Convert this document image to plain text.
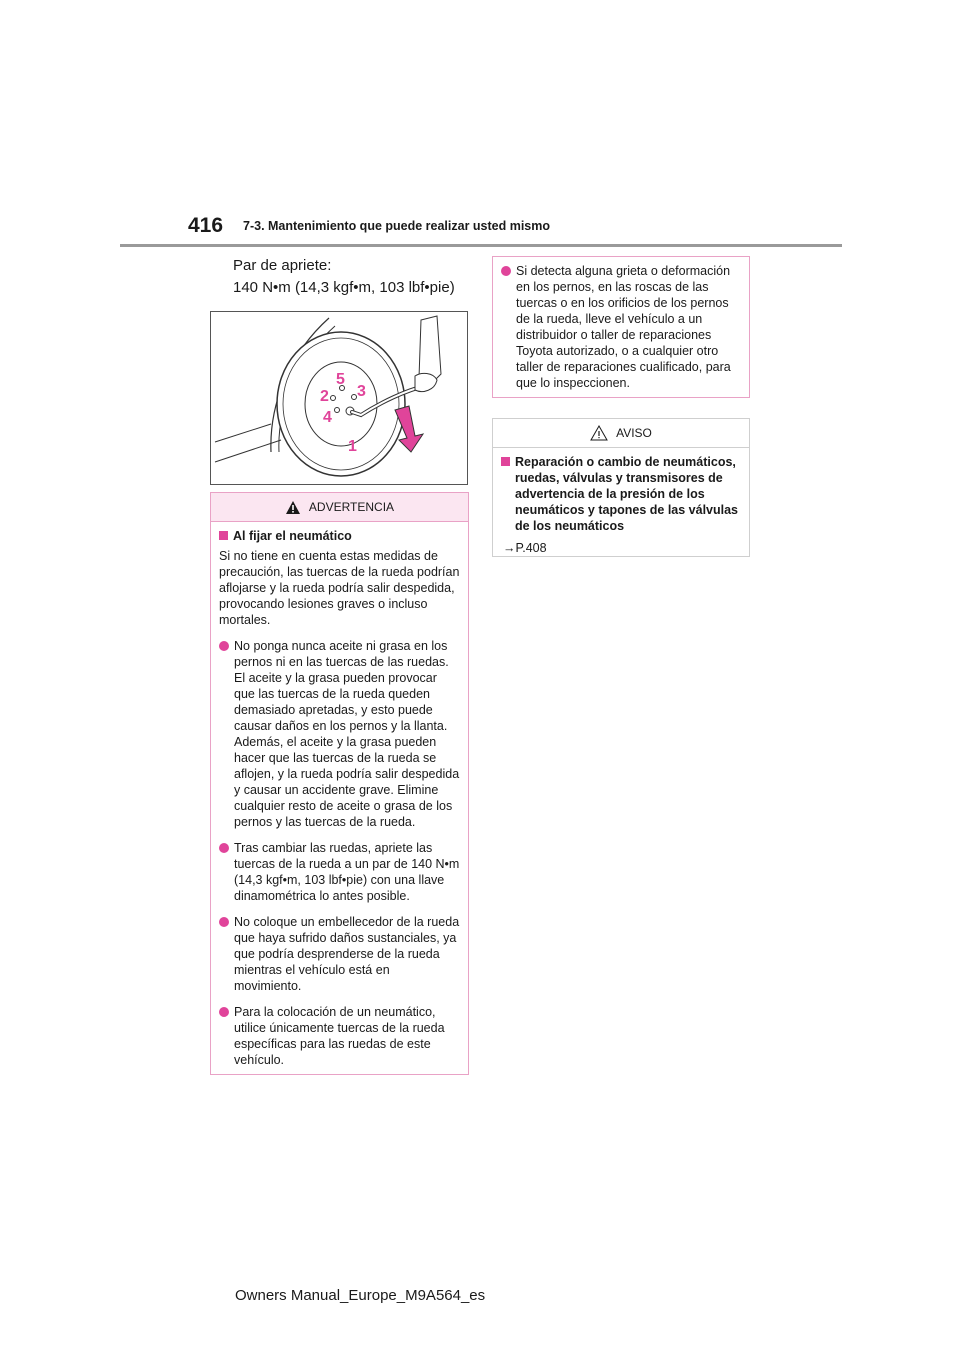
416 7-3. Mantenimiento que puede realizar usted mismo
Par de apriete:
140 N•m (14,3 kgf•m, 103 lbf•pie)
1
2 3
4
5
ADVERTENCIA
Al fijar el neumático

Si no tiene en cuenta estas medidas de precaución, las tuercas de la rueda podrían aflojarse y la rueda podría salir despedida, provocando lesiones graves o incluso mortales.

No ponga nunca aceite ni grasa en los pernos ni en las tuercas de las ruedas. El aceite y la grasa pueden provocar que las tuercas de la rueda queden demasiado apretadas, y esto puede causar daños en los pernos y la llanta. Además, el aceite y la grasa pueden hacer que las tuercas de la rueda se aflojen, y la rueda podría salir despedida y causar un accidente grave. Elimine cualquier resto de aceite o grasa de los pernos y las tuercas de la rueda.
Tras cambiar las ruedas, apriete las tuercas de la rueda a un par de 140 N•m (14,3 kgf•m, 103 lbf•pie) con una llave dinamométrica lo antes posible.
No coloque un embellecedor de la rueda que haya sufrido daños sustanciales, ya que podría desprenderse de la rueda mientras el vehículo está en movimiento.
Para la colocación de un neumático, utilice únicamente tuercas de la rueda específicas para las ruedas de este vehículo.
Si detecta alguna grieta o deformación en los pernos, en las roscas de las tuercas o en los orificios de los pernos de la rueda, lleve el vehículo a un distribuidor o taller de reparaciones Toyota autorizado, o a cualquier otro taller de reparaciones cualificado, para que lo inspeccionen.
AVISO
Reparación o cambio de neumáticos, ruedas, válvulas y transmisores de advertencia de la presión de los neumáticos y tapones de las válvulas de los neumáticos
→P.408
Owners Manual_Europe_M9A564_es
